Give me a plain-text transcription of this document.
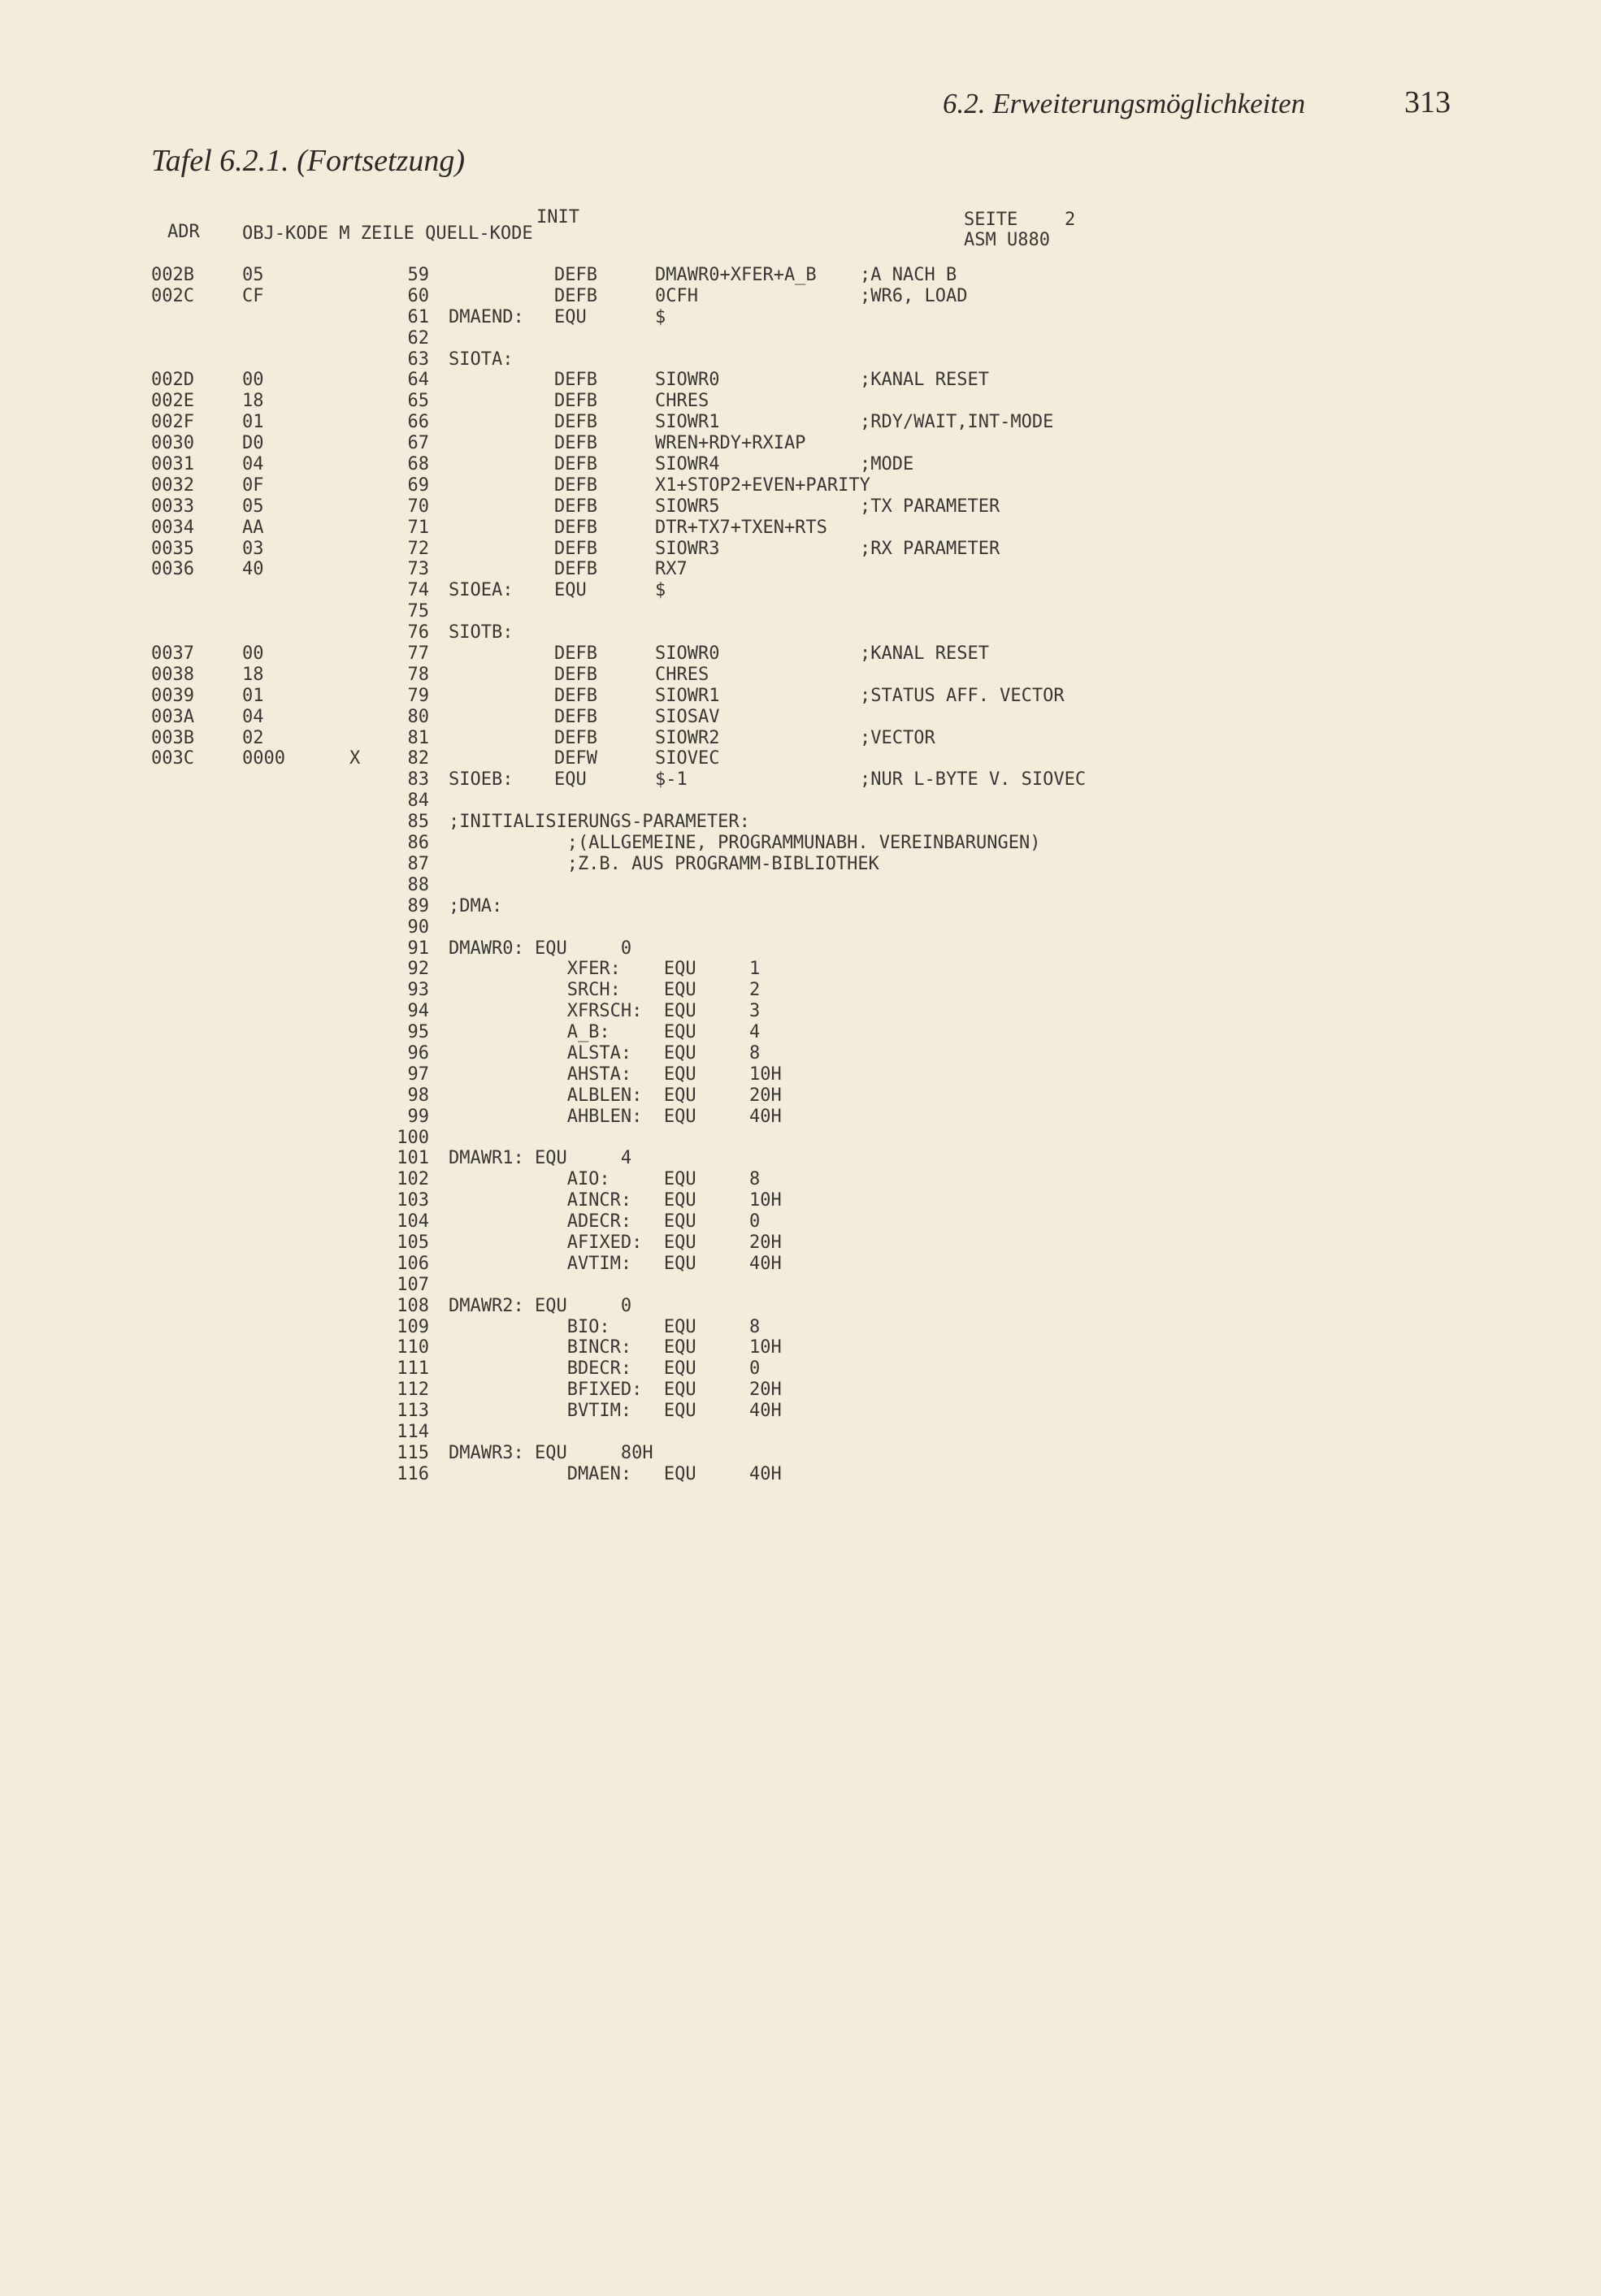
6.2. Erweiterungsmöglichkeiten	313
Tafel 6.2.1. (Fortsetzung)
INIT	SEITE	2
ADR OBJ-KODE M ZEILE QUELL-KODE	ASM U880
002B	05	59	DEFB	DMAWR0+XFER+A_B ;A NACH B
002C	CF	60	DEFB	0CFH	;WR6, LOAD
61 DMAEND: EQU	$
62
63 SIOTA:
002D	00	64	DEFB	SIOWR0	;KANAL RESET
002E	18	65	DEFB	CHRES
002F	01	66	DEFB	SIOWR1	;RDY/WAIT,INT-MODE
0030	D0	67	DEFB	WREN+RDY+RXIAP
0031	04	68	DEFB	SIOWR4	;MODE
0032	0F	69	DEFB	X1+STOP2+EVEN+PARITY
0033	05	70	DEFB	SIOWR5	;TX PARAMETER
0034	AA	71	DEFB	DTR+TX7+TXEN+RTS
0035	03	72	DEFB	SIOWR3	;RX PARAMETER
0036	40	73	DEFB	RX7
74 SIOEA: EQU	$
75
76 SIOTB:
0037	00	77	DEFB	SIOWR0	;KANAL RESET
0038	18	78	DEFB	CHRES
0039	01	79	DEFB	SIOWR1	;STATUS AFF. VECTOR
003A	04	80	DEFB	SIOSAV
003B	02	81	DEFB	SIOWR2	;VECTOR
003C	0000	X	82	DEFW	SIOVEC
83 SIOEB: EQU	$-1	;NUR L-BYTE V. SIOVEC
84
85 ;INITIALISIERUNGS-PARAMETER:
86 ;(ALLGEMEINE, PROGRAMMUNABH. VEREINBARUNGEN)
87 ;Z.B. AUS PROGRAMM-BIBLIOTHEK
88
89 ;DMA:
90
91 DMAWR0: EQU     0
92 XFER:    EQU	1
93 SRCH:    EQU	2
94 XFRSCH:  EQU	3
95 A_B:     EQU	4
96 ALSTA:   EQU	8
97 AHSTA:   EQU	10H
98 ALBLEN:  EQU	20H
99 AHBLEN:  EQU	40H
100
101 DMAWR1: EQU     4
102 AIO:     EQU	8
103 AINCR:   EQU	10H
104 ADECR:   EQU	0
105 AFIXED:  EQU	20H
106 AVTIM:   EQU	40H
107
108 DMAWR2: EQU     0
109 BIO:     EQU	8
110 BINCR:   EQU	10H
111 BDECR:   EQU	0
112 BFIXED:  EQU	20H
113 BVTIM:   EQU	40H
114
115 DMAWR3: EQU     80H
116 DMAEN:   EQU	40H
